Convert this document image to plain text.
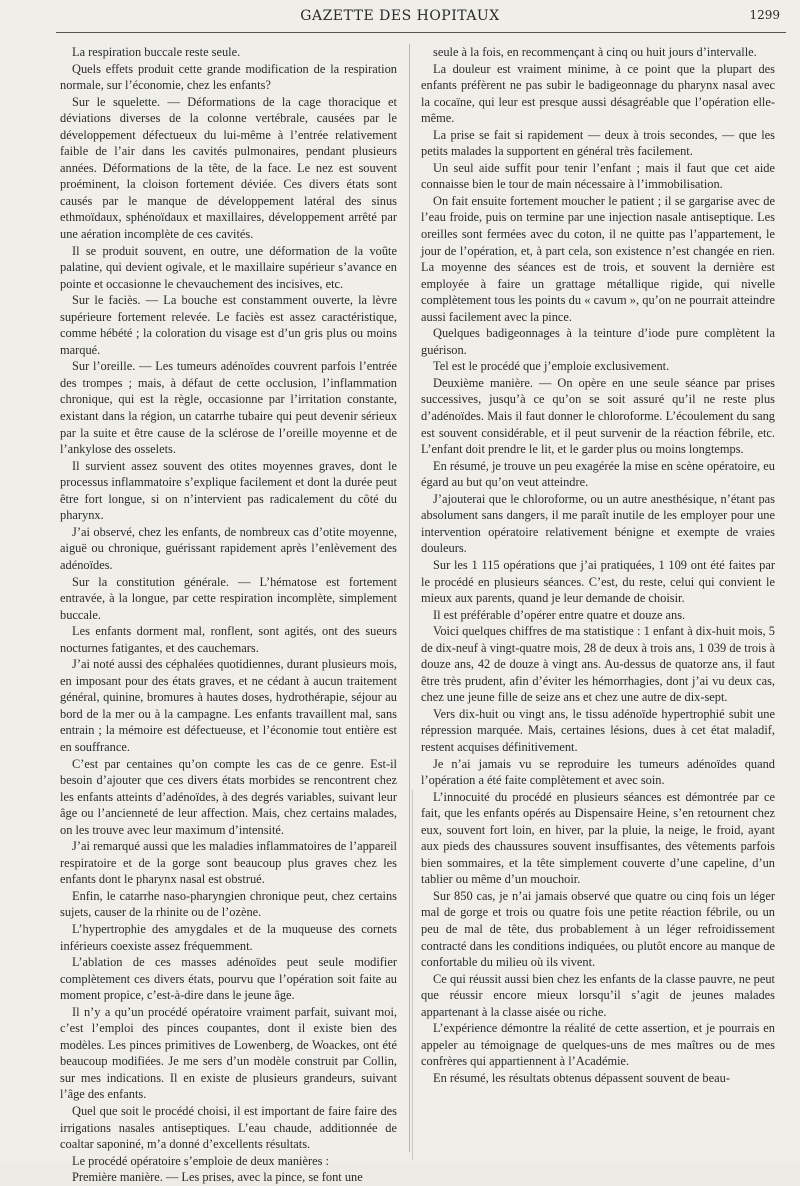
GAZETTE DES HOPITAUX	1299

La respiration buccale reste seule.

Quels effets produit cette grande modification de la respiration normale, sur l’économie, chez les enfants?

Sur le squelette. — Déformations de la cage thoracique et déviations diverses de la colonne vertébrale, causées par le développement défectueux du lui-même à l’entrée relativement faible de l’air dans les cavités pulmonaires, pendant plusieurs années. Déformations de la tête, de la face. Le nez est souvent proéminent, la cloison fortement déviée. Ces divers états sont causés par le manque de développement latéral des sinus ethmoïdaux, sphénoïdaux et maxillaires, développement arrêté par une aération incomplète de ces cavités.

Il se produit souvent, en outre, une déformation de la voûte palatine, qui devient ogivale, et le maxillaire supérieur s’avance en pointe et occasionne le chevauchement des incisives, etc.

Sur le faciès. — La bouche est constamment ouverte, la lèvre supérieure fortement relevée. Le faciès est assez caractéristique, comme hébété ; la coloration du visage est d’un gris plus ou moins marqué.

Sur l’oreille. — Les tumeurs adénoïdes couvrent parfois l’entrée des trompes ; mais, à défaut de cette occlusion, l’inflammation chronique, qui est la règle, occasionne par l’irritation constante, existant dans la région, un catarrhe tubaire qui peut devenir sérieux par la suite et être cause de la sclérose de l’oreille moyenne et de l’ankylose des osselets.

Il survient assez souvent des otites moyennes graves, dont le processus inflammatoire s’explique facilement et dont la durée peut être fort longue, si on n’intervient pas radicalement du côté du pharynx.

J’ai observé, chez les enfants, de nombreux cas d’otite moyenne, aiguë ou chronique, guérissant rapidement après l’enlèvement des adénoïdes.

Sur la constitution générale. — L’hématose est fortement entravée, à la longue, par cette respiration incomplète, simplement buccale.

Les enfants dorment mal, ronflent, sont agités, ont des sueurs nocturnes fatigantes, et des cauchemars.

J’ai noté aussi des céphalées quotidiennes, durant plusieurs mois, en imposant pour des états graves, et ne cédant à aucun traitement général, quinine, bromures à hautes doses, hydrothérapie, séjour au bord de la mer ou à la campagne. Les enfants travaillent mal, sans entrain ; la mémoire est défectueuse, et l’économie tout entière est en souffrance.

C’est par centaines qu’on compte les cas de ce genre. Est-il besoin d’ajouter que ces divers états morbides se rencontrent chez les enfants atteints d’adénoïdes, à des degrés variables, suivant leur âge ou l’ancienneté de leur affection. Mais, chez certains malades, on les trouve avec leur maximum d’intensité.

J’ai remarqué aussi que les maladies inflammatoires de l’appareil respiratoire et de la gorge sont beaucoup plus graves chez les enfants dont le pharynx nasal est obstrué.

Enfin, le catarrhe naso-pharyngien chronique peut, chez certains sujets, causer de la rhinite ou de l’ozène.

L’hypertrophie des amygdales et de la muqueuse des cornets inférieurs coexiste assez fréquemment.

L’ablation de ces masses adénoïdes peut seule modifier complètement ces divers états, pourvu que l’opération soit faite au moment propice, c’est-à-dire dans le jeune âge.

Il n’y a qu’un procédé opératoire vraiment parfait, suivant moi, c’est l’emploi des pinces coupantes, dont il existe bien des modèles. Les pinces primitives de Lowenberg, de Woackes, ont été beaucoup modifiées. Je me sers d’un modèle construit par Collin, sur mes indications. Il en existe de plusieurs grandeurs, suivant l’âge des enfants.

Quel que soit le procédé choisi, il est important de faire faire des irrigations nasales antiseptiques. L’eau chaude, additionnée de coaltar saponiné, m’a donné d’excellents résultats.

Le procédé opératoire s’emploie de deux manières :

Première manière. — Les prises, avec la pince, se font une

seule à la fois, en recommençant à cinq ou huit jours d’intervalle.

La douleur est vraiment minime, à ce point que la plupart des enfants préfèrent ne pas subir le badigeonnage du pharynx nasal avec la cocaïne, qui leur est presque aussi désagréable que l’opération elle-même.

La prise se fait si rapidement — deux à trois secondes, — que les petits malades la supportent en général très facilement.

Un seul aide suffit pour tenir l’enfant ; mais il faut que cet aide connaisse bien le tour de main nécessaire à l’immobilisation.

On fait ensuite fortement moucher le patient ; il se gargarise avec de l’eau froide, puis on termine par une injection nasale antiseptique. Les oreilles sont fermées avec du coton, il ne quitte pas l’appartement, le jour de l’opération, et, à part cela, son existence n’est changée en rien. La moyenne des séances est de trois, et souvent la dernière est employée à faire un grattage métallique rigide, qui nivelle complètement tous les points du « cavum », qu’on ne pourrait atteindre aussi facilement avec la pince.

Quelques badigeonnages à la teinture d’iode pure complètent la guérison.

Tel est le procédé que j’emploie exclusivement.

Deuxième manière. — On opère en une seule séance par prises successives, jusqu’à ce qu’on se soit assuré qu’il ne reste plus d’adénoïdes. Mais il faut donner le chloroforme. L’écoulement du sang est souvent considérable, et il peut survenir de la réaction fébrile, etc. L’enfant doit prendre le lit, et le garder plus ou moins longtemps.

En résumé, je trouve un peu exagérée la mise en scène opératoire, eu égard au but qu’on veut atteindre.

J’ajouterai que le chloroforme, ou un autre anesthésique, n’étant pas absolument sans dangers, il me paraît inutile de les employer pour une intervention opératoire relativement bénigne et exempte de vraies douleurs.

Sur les 1 115 opérations que j’ai pratiquées, 1 109 ont été faites par le procédé en plusieurs séances. C’est, du reste, celui qui convient le mieux aux parents, quand je leur demande de choisir.

Il est préférable d’opérer entre quatre et douze ans.

Voici quelques chiffres de ma statistique : 1 enfant à dix-huit mois, 5 de dix-neuf à vingt-quatre mois, 28 de deux à trois ans, 1 039 de trois à douze ans, 42 de douze à vingt ans. Au-dessus de quatorze ans, il faut être très prudent, afin d’éviter les hémorrhagies, dont j’ai vu deux cas, chez une jeune fille de seize ans et chez une autre de dix-sept.

Vers dix-huit ou vingt ans, le tissu adénoïde hypertrophié subit une répression marquée. Mais, certaines lésions, dues à cet état maladif, restent acquises définitivement.

Je n’ai jamais vu se reproduire les tumeurs adénoïdes quand l’opération a été faite complètement et avec soin.

L’innocuité du procédé en plusieurs séances est démontrée par ce fait, que les enfants opérés au Dispensaire Heine, s’en retournent chez eux, souvent fort loin, en hiver, par la pluie, la neige, le froid, ayant aux pieds des chaussures souvent insuffisantes, des vêtements parfois bien sommaires, et la tête simplement couverte d’une capeline, d’un tablier ou même d’un mouchoir.

Sur 850 cas, je n’ai jamais observé que quatre ou cinq fois un léger mal de gorge et trois ou quatre fois une petite réaction fébrile, ou un peu de mal de tête, dus probablement à un léger refroidissement contracté dans les conditions indiquées, ou plutôt encore au manque de confortable du milieu où ils vivent.

Ce qui réussit aussi bien chez les enfants de la classe pauvre, ne peut que réussir encore mieux lorsqu’il s’agit de jeunes malades appartenant à la classe aisée ou riche.

L’expérience démontre la réalité de cette assertion, et je pourrais en appeler au témoignage de quelques-uns de mes maîtres ou de mes confrères qui appartiennent à l’Académie.

En résumé, les résultats obtenus dépassent souvent de beau-
